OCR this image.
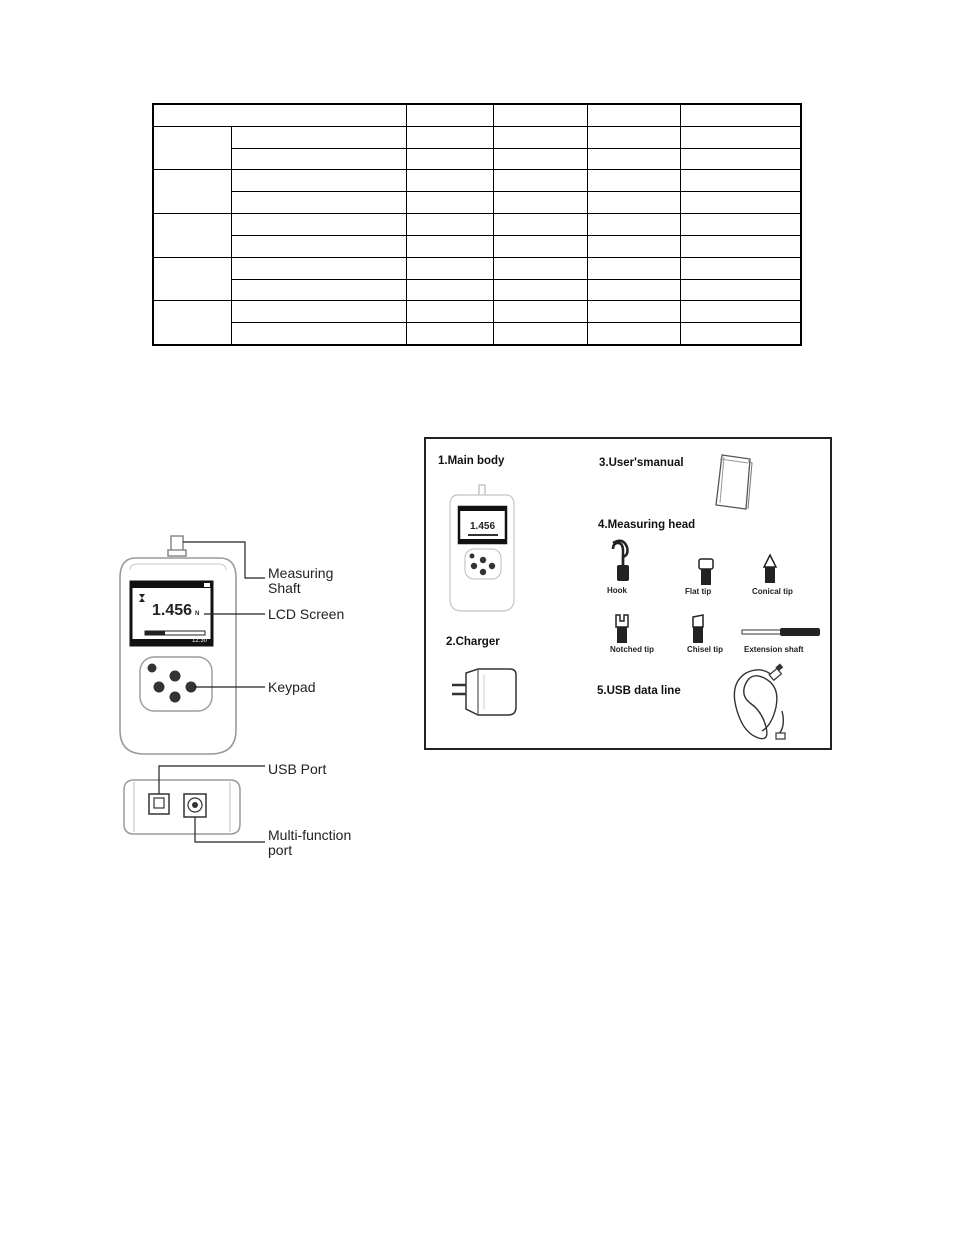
1.456 N
12:30
Measuring
Shaft
LCD Screen
Keypad
USB Port
Multi-function
port
1.Main body
2.Charger
3.User'smanual
4.Measuring head
5.USB data line
1.456
Hook	Flat tip	Conical tip
Notched tip	Chisel tip	Extension shaft
